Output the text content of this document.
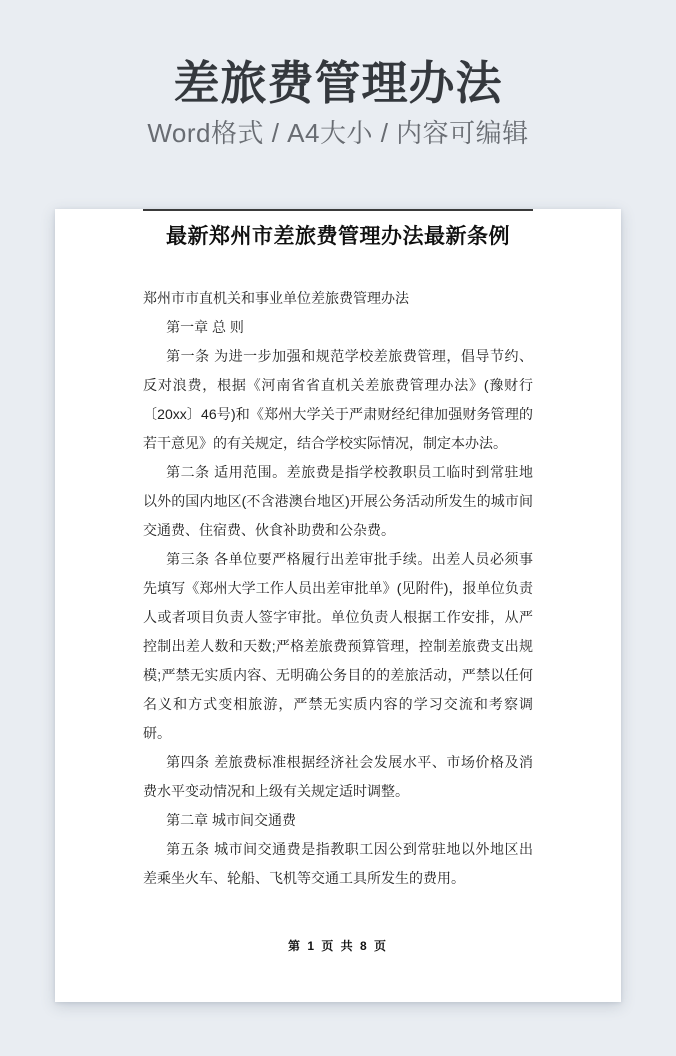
差旅费管理办法
Word格式 / A4大小 / 内容可编辑
最新郑州市差旅费管理办法最新条例

郑州市市直机关和事业单位差旅费管理办法

第一章 总 则

第一条 为进一步加强和规范学校差旅费管理，倡导节约、反对浪费，根据《河南省省直机关差旅费管理办法》(豫财行〔20xx〕46号)和《郑州大学关于严肃财经纪律加强财务管理的若干意见》的有关规定，结合学校实际情况，制定本办法。

第二条 适用范围。差旅费是指学校教职员工临时到常驻地以外的国内地区(不含港澳台地区)开展公务活动所发生的城市间交通费、住宿费、伙食补助费和公杂费。

第三条 各单位要严格履行出差审批手续。出差人员必须事先填写《郑州大学工作人员出差审批单》(见附件)，报单位负责人或者项目负责人签字审批。单位负责人根据工作安排，从严控制出差人数和天数;严格差旅费预算管理，控制差旅费支出规模;严禁无实质内容、无明确公务目的的差旅活动，严禁以任何名义和方式变相旅游，严禁无实质内容的学习交流和考察调研。

第四条 差旅费标准根据经济社会发展水平、市场价格及消费水平变动情况和上级有关规定适时调整。

第二章 城市间交通费

第五条 城市间交通费是指教职工因公到常驻地以外地区出差乘坐火车、轮船、飞机等交通工具所发生的费用。

第 1 页 共 8 页
